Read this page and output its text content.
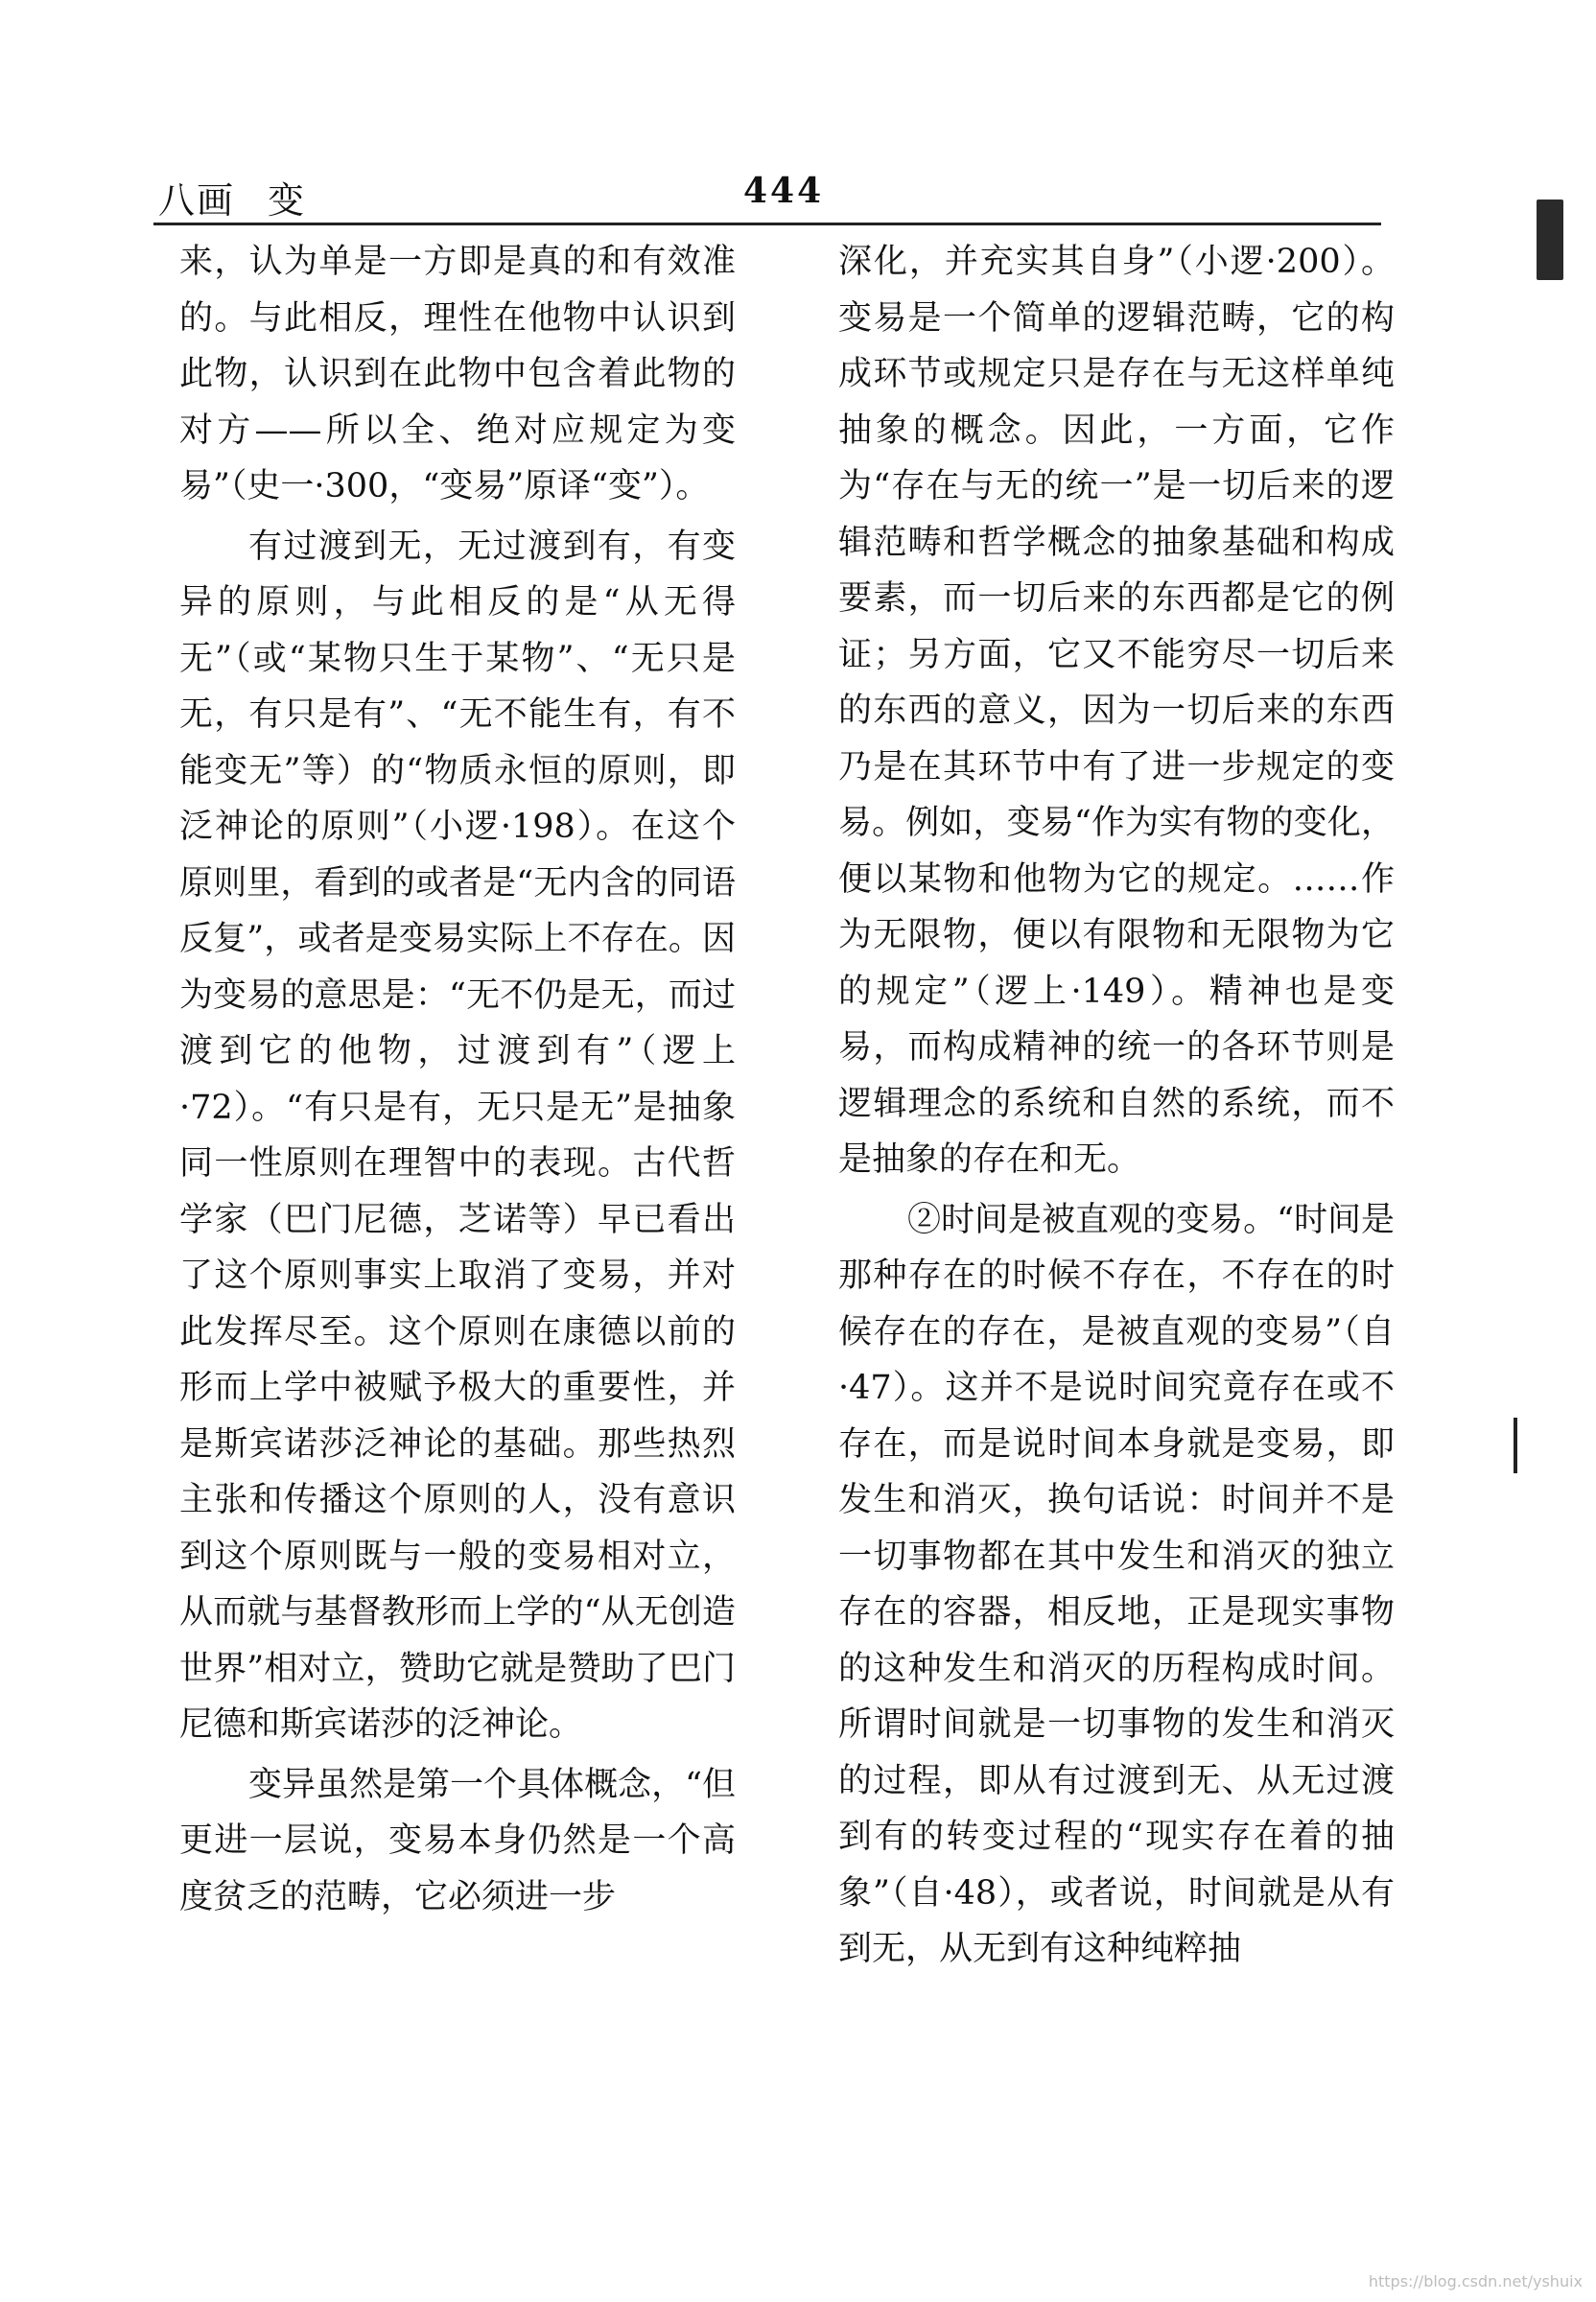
八画 变	444

来，认为单是一方即是真的和有效准的。与此相反，理性在他物中认识到此物，认识到在此物中包含着此物的对方——所以全、绝对应规定为变易”（史一·300，“变易”原译“变”）。

有过渡到无，无过渡到有，有变异的原则，与此相反的是“从无得无”（或“某物只生于某物”、“无只是无，有只是有”、“无不能生有，有不能变无”等）的“物质永恒的原则，即泛神论的原则”（小逻·198）。在这个原则里，看到的或者是“无内含的同语反复”，或者是变易实际上不存在。因为变易的意思是：“无不仍是无，而过渡到它的他物，过渡到有”（逻上·72）。“有只是有，无只是无”是抽象同一性原则在理智中的表现。古代哲学家（巴门尼德，芝诺等）早已看出了这个原则事实上取消了变易，并对此发挥尽至。这个原则在康德以前的形而上学中被赋予极大的重要性，并是斯宾诺莎泛神论的基础。那些热烈主张和传播这个原则的人，没有意识到这个原则既与一般的变易相对立，从而就与基督教形而上学的“从无创造世界”相对立，赞助它就是赞助了巴门尼德和斯宾诺莎的泛神论。

变异虽然是第一个具体概念，“但更进一层说，变易本身仍然是一个高度贫乏的范畴，它必须进一步

深化，并充实其自身”（小逻·200）。变易是一个简单的逻辑范畴，它的构成环节或规定只是存在与无这样单纯抽象的概念。因此，一方面，它作为“存在与无的统一”是一切后来的逻辑范畴和哲学概念的抽象基础和构成要素，而一切后来的东西都是它的例证；另方面，它又不能穷尽一切后来的东西的意义，因为一切后来的东西乃是在其环节中有了进一步规定的变易。例如，变易“作为实有物的变化，便以某物和他物为它的规定。……作为无限物，便以有限物和无限物为它的规定”（逻上·149）。精神也是变易，而构成精神的统一的各环节则是逻辑理念的系统和自然的系统，而不是抽象的存在和无。

②时间是被直观的变易。“时间是那种存在的时候不存在，不存在的时候存在的存在，是被直观的变易”（自·47）。这并不是说时间究竟存在或不存在，而是说时间本身就是变易，即发生和消灭，换句话说：时间并不是一切事物都在其中发生和消灭的独立存在的容器，相反地，正是现实事物的这种发生和消灭的历程构成时间。所谓时间就是一切事物的发生和消灭的过程，即从有过渡到无、从无过渡到有的转变过程的“现实存在着的抽象”（自·48），或者说，时间就是从有到无，从无到有这种纯粹抽

https://blog.csdn.net/yshuix
